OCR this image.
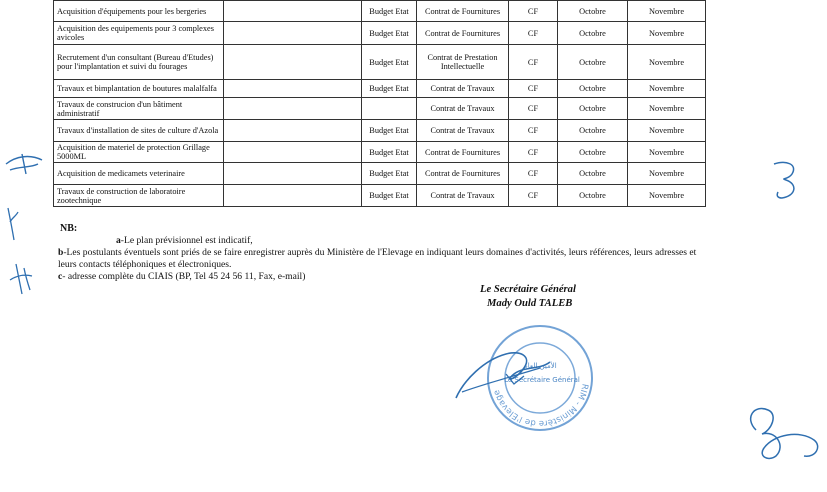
Acquisition d'équipements pour les bergeries		Budget Etat	Contrat de Fournitures	CF	Octobre	Novembre
Acquisition des equipements pour 3 complexes avicoles		Budget Etat	Contrat de Fournitures	CF	Octobre	Novembre
Recrutement d'un consultant (Bureau d'Etudes) pour l'implantation et suivi du fourages		Budget Etat	Contrat de Prestation Intellectuelle	CF	Octobre	Novembre
Travaux et bimplantation de boutures malalfalfa		Budget Etat	Contrat de Travaux	CF	Octobre	Novembre
Travaux de construcion d'un bâtiment administratif			Contrat de Travaux	CF	Octobre	Novembre
Travaux d'installation de sites de culture d'Azola		Budget Etat	Contrat de Travaux	CF	Octobre	Novembre
Acquisition de materiel de protection Grillage 5000ML		Budget Etat	Contrat de Fournitures	CF	Octobre	Novembre
Acquisition de medicamets veterinaire		Budget Etat	Contrat de Fournitures	CF	Octobre	Novembre
Travaux de construction de laboratoire zootechnique		Budget Etat	Contrat de Travaux	CF	Octobre	Novembre
NB:
a-Le plan prévisionnel est indicatif,
b-Les postulants éventuels sont priés de se faire enregistrer auprès du Ministère de l'Elevage en indiquant leurs domaines d'activités, leurs références, leurs adresses et leurs contacts téléphoniques et électroniques.
c- adresse complète du CIAIS (BP, Tel 45 24 56 11, Fax, e-mail)
Le Secrétaire Général
Mady Ould TALEB
RIM - Ministère de l'Elevage
Le Secrétaire Général
الأمين العام
